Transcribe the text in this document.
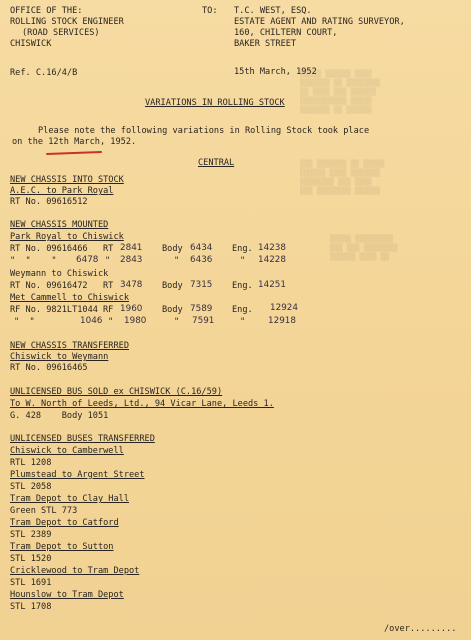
▒▒▒▒▒ ▒▒▒▒▒▒ ▒▒▒▒
▒▒▒▒▒▒▒ ▒▒ ▒▒▒▒▒▒▒▒
▒▒ ▒▒▒▒ ▒▒▒ ▒▒▒▒▒▒
▒▒▒▒▒▒▒▒▒▒▒ ▒▒▒▒▒
▒▒▒▒▒▒▒ ▒▒ ▒▒▒▒▒▒
▒▒▒ ▒▒▒▒▒▒▒ ▒▒ ▒▒▒▒▒
▒▒▒▒▒▒ ▒▒▒▒ ▒▒▒▒▒▒▒
▒▒▒▒▒▒▒▒ ▒▒▒ ▒▒▒▒
▒▒▒ ▒▒▒▒▒▒▒▒ ▒▒▒▒▒▒
▒▒▒▒▒ ▒▒▒▒▒▒▒▒▒
▒▒▒ ▒▒▒ ▒▒▒▒▒▒▒▒
▒▒▒▒▒▒ ▒▒▒▒ ▒▒
OFFICE OF THE:
ROLLING STOCK ENGINEER
(ROAD SERVICES)
CHISWICK
TO: T.C. WEST, ESQ.
ESTATE AGENT AND RATING SURVEYOR,
160, CHILTERN COURT,
BAKER STREET
Ref. C.16/4/B	15th March, 1952
VARIATIONS IN ROLLING STOCK
Please note the following variations in Rolling Stock took place
on the 12th March, 1952.
CENTRAL
NEW CHASSIS INTO STOCK
A.E.C. to Park Royal
RT No. 09616512
NEW CHASSIS MOUNTED
Park Royal to Chiswick
RT No. 09616466 RT 2841 Body 6434 Eng. 14238
"  "    " 6478 " 2843	" 6436	" 14228
Weymann to Chiswick
RT No. 09616472 RT 3478 Body 7315 Eng. 14251
Met Cammell to Chiswick
RF No. 9821LT1044 RF 1960 Body 7589 Eng. 12924
"  "	1046 " 1980	" 7591	"	12918
NEW CHASSIS TRANSFERRED
Chiswick to Weymann
RT No. 09616465
UNLICENSED BUS SOLD ex CHISWICK (C.16/59)
To W. North of Leeds, Ltd., 94 Vicar Lane, Leeds 1.
G. 428    Body 1051
UNLICENSED BUSES TRANSFERRED
Chiswick to Camberwell
RTL 1208
Plumstead to Argent Street
STL 2058
Tram Depot to Clay Hall
Green STL 773
Tram Depot to Catford
STL 2389
Tram Depot to Sutton
STL 1520
Cricklewood to Tram Depot
STL 1691
Hounslow to Tram Depot
STL 1708
/over.........
